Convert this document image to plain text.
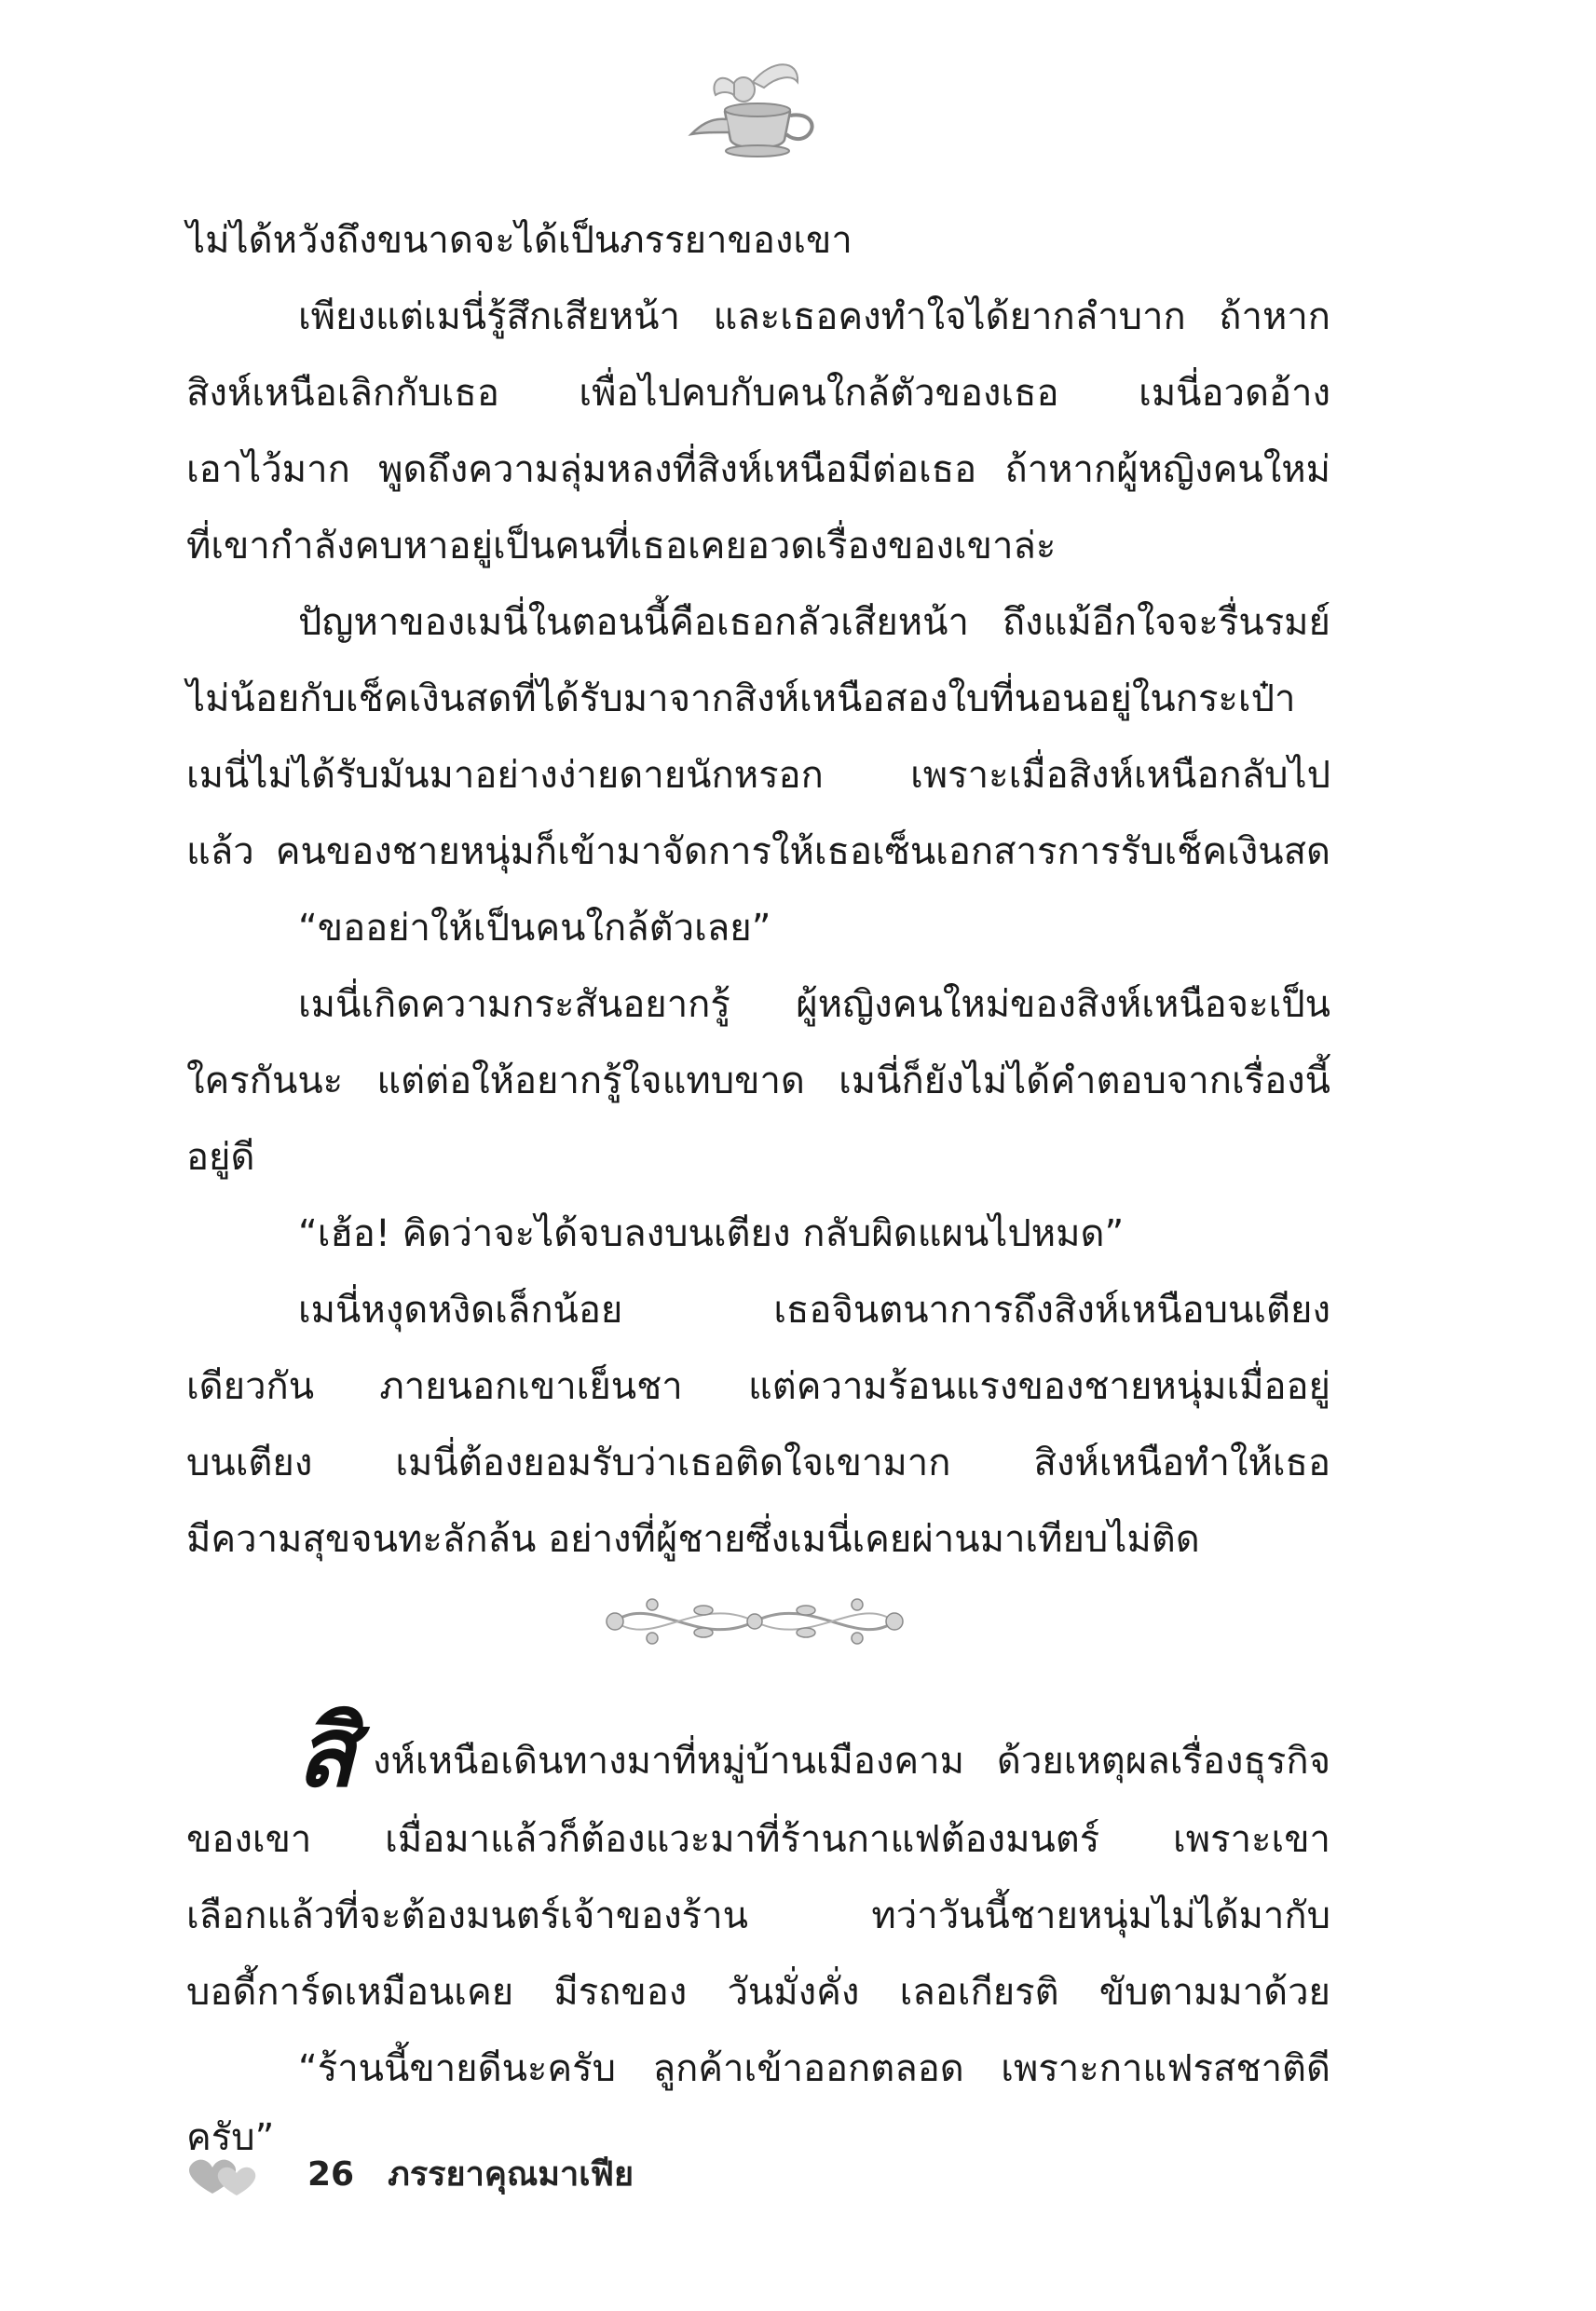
ไม่ได้หวังถึงขนาดจะได้เป็นภรรยาของเขา
เพียงแต่เมนี่รู้สึกเสียหน้า และเธอคงทำใจได้ยากลำบาก ถ้าหาก
สิงห์เหนือเลิกกับเธอ เพื่อไปคบกับคนใกล้ตัวของเธอ เมนี่อวดอ้าง
เอาไว้มาก พูดถึงความลุ่มหลงที่สิงห์เหนือมีต่อเธอ ถ้าหากผู้หญิงคนใหม่
ที่เขากำลังคบหาอยู่เป็นคนที่เธอเคยอวดเรื่องของเขาล่ะ
ปัญหาของเมนี่ในตอนนี้คือเธอกลัวเสียหน้า ถึงแม้อีกใจจะรื่นรมย์
ไม่น้อยกับเช็คเงินสดที่ได้รับมาจากสิงห์เหนือสองใบที่นอนอยู่ในกระเป๋า
เมนี่ไม่ได้รับมันมาอย่างง่ายดายนักหรอก เพราะเมื่อสิงห์เหนือกลับไป
แล้ว คนของชายหนุ่มก็เข้ามาจัดการให้เธอเซ็นเอกสารการรับเช็คเงินสด
“ขออย่าให้เป็นคนใกล้ตัวเลย”
เมนี่เกิดความกระสันอยากรู้ ผู้หญิงคนใหม่ของสิงห์เหนือจะเป็น
ใครกันนะ แต่ต่อให้อยากรู้ใจแทบขาด เมนี่ก็ยังไม่ได้คำตอบจากเรื่องนี้
อยู่ดี
“เฮ้อ! คิดว่าจะได้จบลงบนเตียง กลับผิดแผนไปหมด”
เมนี่หงุดหงิดเล็กน้อย เธอจินตนาการถึงสิงห์เหนือบนเตียง
เดียวกัน ภายนอกเขาเย็นชา แต่ความร้อนแรงของชายหนุ่มเมื่ออยู่
บนเตียง เมนี่ต้องยอมรับว่าเธอติดใจเขามาก สิงห์เหนือทำให้เธอ
มีความสุขจนทะลักล้น อย่างที่ผู้ชายซึ่งเมนี่เคยผ่านมาเทียบไม่ติด
สิ งห์เหนือเดินทางมาที่หมู่บ้านเมืองคาม ด้วยเหตุผลเรื่องธุรกิจ
ของเขา เมื่อมาแล้วก็ต้องแวะมาที่ร้านกาแฟต้องมนตร์ เพราะเขา
เลือกแล้วที่จะต้องมนตร์เจ้าของร้าน ทว่าวันนี้ชายหนุ่มไม่ได้มากับ
บอดี้การ์ดเหมือนเคย มีรถของ วันมั่งคั่ง เลอเกียรติ ขับตามมาด้วย
“ร้านนี้ขายดีนะครับ ลูกค้าเข้าออกตลอด เพราะกาแฟรสชาติดี
ครับ”
26 ภรรยาคุณมาเฟีย
